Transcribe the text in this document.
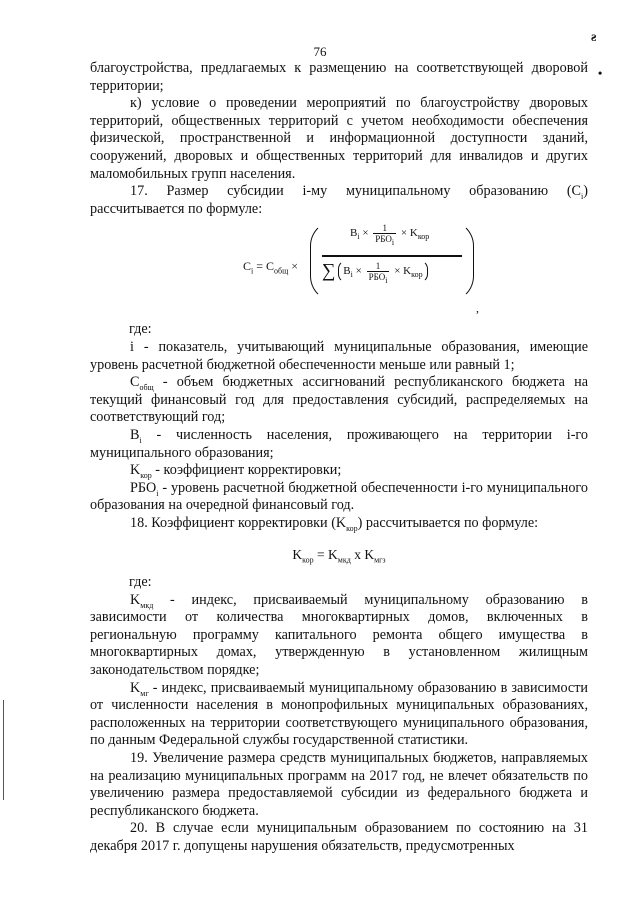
76
ƨ
•

благоустройства, предлагаемых к размещению на соответствующей дворовой территории;

к) условие о проведении мероприятий по благоустройству дворовых территорий, общественных территорий с учетом необходимости обеспечения физической, пространственной и информационной доступности зданий, сооружений, дворовых и общественных территорий для инвалидов и других маломобильных групп населения.

17. Размер субсидии i-му муниципальному образованию $(C_i)$ рассчитывается по формуле:

$C_i = C_{общ}$ ×
$B_i \times \frac{1}{РБО_i} \times K_{кор}$
∑ $B_i \times \frac{1}{РБО_i} \times K_{кор}$
,

где:

i - показатель, учитывающий муниципальные образования, имеющие уровень расчетной бюджетной обеспеченности меньше или равный 1;

$C_{общ}$ - объем бюджетных ассигнований республиканского бюджета на текущий финансовый год для предоставления субсидий, распределяемых на соответствующий год;

$B_i$ - численность населения, проживающего на территории i-го муниципального образования;

$K_{кор}$ - коэффициент корректировки;

$РБО_i$ - уровень расчетной бюджетной обеспеченности i-го муниципального образования на очередной финансовый год.

18. Коэффициент корректировки $(K_{кор})$ рассчитывается по формуле:

$K_{кор} = K_{мкд}$ x $K_{мгз}$

где:

$K_{мкд}$ - индекс, присваиваемый муниципальному образованию в зависимости от количества многоквартирных домов, включенных в региональную программу капитального ремонта общего имущества в многоквартирных домах, утвержденную в установленном жилищным законодательством порядке;

$K_{мг}$ - индекс, присваиваемый муниципальному образованию в зависимости от численности населения в монопрофильных муниципальных образованиях, расположенных на территории соответствующего муниципального образования, по данным Федеральной службы государственной статистики.

19. Увеличение размера средств муниципальных бюджетов, направляемых на реализацию муниципальных программ на 2017 год, не влечет обязательств по увеличению размера предоставляемой субсидии из федерального бюджета и республиканского бюджета.

20. В случае если муниципальным образованием по состоянию на 31 декабря 2017 г. допущены нарушения обязательств, предусмотренных
